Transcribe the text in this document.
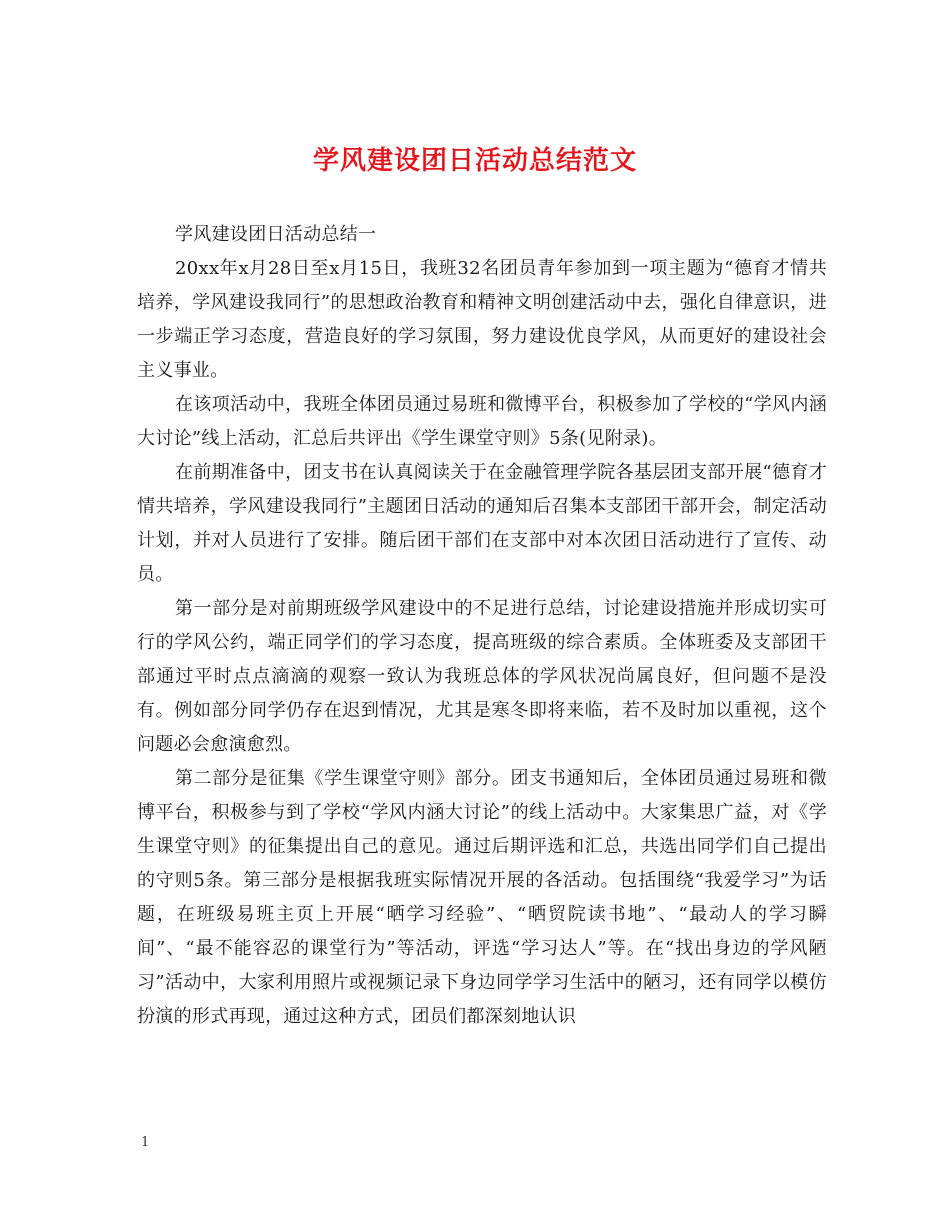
学风建设团日活动总结范文

学风建设团日活动总结一

20xx年x月28日至x月15日，我班32名团员青年参加到一项主题为“德育才情共培养，学风建设我同行”的思想政治教育和精神文明创建活动中去，强化自律意识，进一步端正学习态度，营造良好的学习氛围，努力建设优良学风，从而更好的建设社会主义事业。

在该项活动中，我班全体团员通过易班和微博平台，积极参加了学校的“学风内涵大讨论”线上活动，汇总后共评出《学生课堂守则》5条(见附录)。

在前期准备中，团支书在认真阅读关于在金融管理学院各基层团支部开展“德育才情共培养，学风建设我同行”主题团日活动的通知后召集本支部团干部开会，制定活动计划，并对人员进行了安排。随后团干部们在支部中对本次团日活动进行了宣传、动员。

第一部分是对前期班级学风建设中的不足进行总结，讨论建设措施并形成切实可行的学风公约，端正同学们的学习态度，提高班级的综合素质。全体班委及支部团干部通过平时点点滴滴的观察一致认为我班总体的学风状况尚属良好，但问题不是没有。例如部分同学仍存在迟到情况，尤其是寒冬即将来临，若不及时加以重视，这个问题必会愈演愈烈。

第二部分是征集《学生课堂守则》部分。团支书通知后，全体团员通过易班和微博平台，积极参与到了学校“学风内涵大讨论”的线上活动中。大家集思广益，对《学生课堂守则》的征集提出自己的意见。通过后期评选和汇总，共选出同学们自己提出的守则5条。第三部分是根据我班实际情况开展的各活动。包括围绕“我爱学习”为话题，在班级易班主页上开展“晒学习经验”、“晒贸院读书地”、“最动人的学习瞬间”、“最不能容忍的课堂行为”等活动，评选“学习达人”等。在“找出身边的学风陋习”活动中，大家利用照片或视频记录下身边同学学习生活中的陋习，还有同学以模仿扮演的形式再现，通过这种方式，团员们都深刻地认识

1
